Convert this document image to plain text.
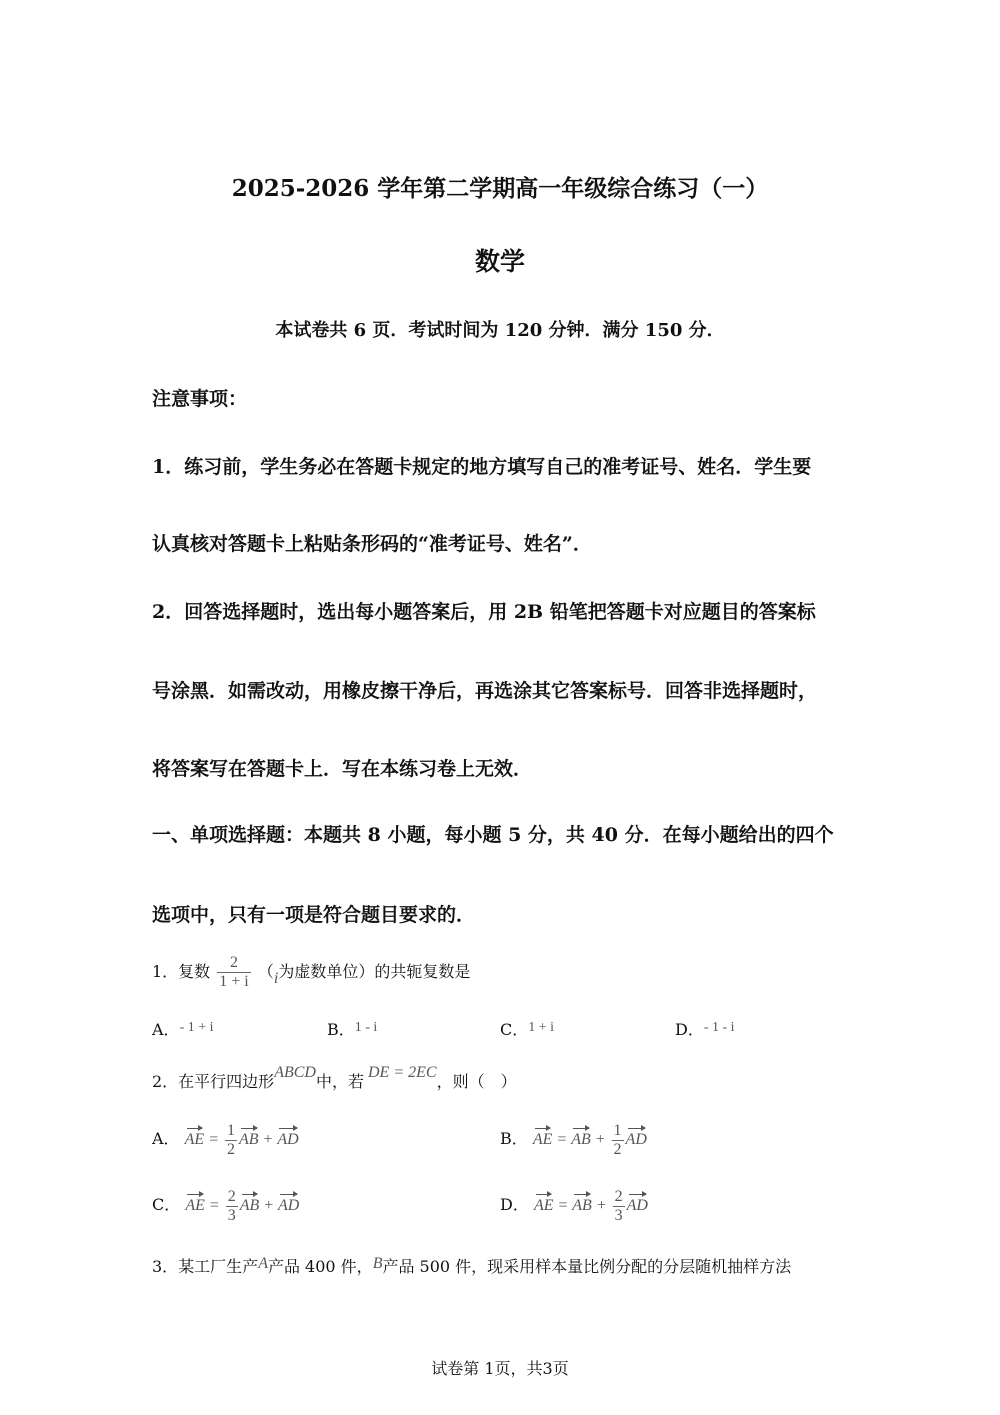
2025-2026 学年第二学期高一年级综合练习（一）
数学
本试卷共 6 页．考试时间为 120 分钟．满分 150 分．
注意事项：
1．练习前，学生务必在答题卡规定的地方填写自己的准考证号、姓名．学生要
认真核对答题卡上粘贴条形码的“准考证号、姓名”．
2．回答选择题时，选出每小题答案后，用 2B 铅笔把答题卡对应题目的答案标
号涂黑．如需改动，用橡皮擦干净后，再选涂其它答案标号．回答非选择题时，
将答案写在答题卡上．写在本练习卷上无效．
一、单项选择题：本题共 8 小题，每小题 5 分，共 40 分．在每小题给出的四个
选项中，只有一项是符合题目要求的．
1．复数 $\frac{2}{1 + i} (i$为虚数单位）的共轭复数是
A．- 1 + i	B．1 - i	C．1 + i	D．- 1 - i
2．在平行四边形ABCD中，若 DE = 2EC，则（　）
A． AE = $\frac{1}{2}$ AB + AD	B． AE = AB + $\frac{1}{2}$ AD
C． AE = $\frac{2}{3}$ AB + AD	D． AE = AB + $\frac{2}{3}$ AD
3．某工厂生产A产品 400 件，B产品 500 件，现采用样本量比例分配的分层随机抽样方法
试卷第 1页，共3页
